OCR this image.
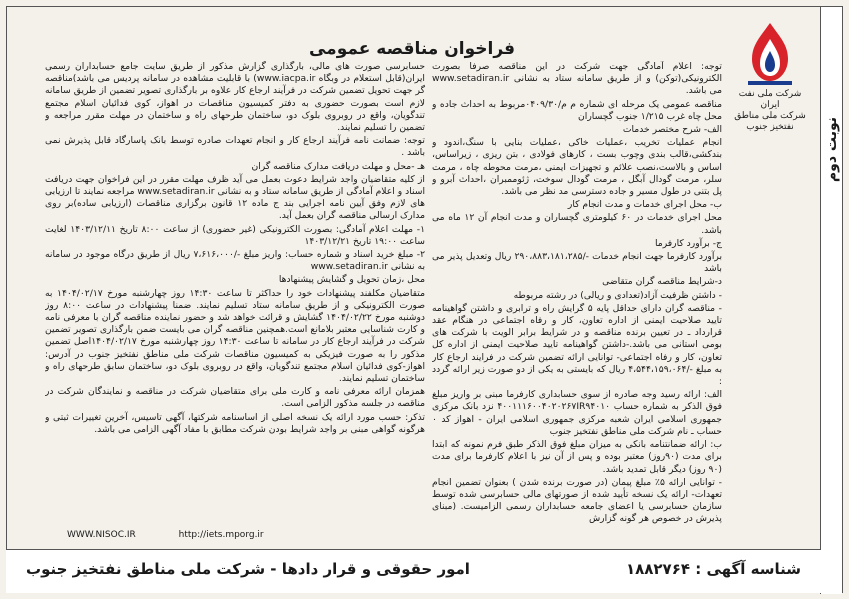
نوبت دوم
شرکت ملی نفت ایران
شرکت ملی مناطق نفتخیز جنوب
فراخوان مناقصه عمومی

توجه: اعلام آمادگی جهت شرکت در این مناقصه صرفا بصورت الکترونیکی(توکن) و از طریق سامانه ستاد به نشانی www.setadiran.ir می باشد.

مناقصه عمومی یک مرحله ای شماره م م/۰۴۰۹/۳۰مربوط به احداث جاده و محل چاه غرب ۱/۲۱۵ جنوب گچساران

الف- شرح مختصر خدمات

انجام عملیات تخریب ،عملیات خاکی ،عملیات بنایی با سنگ،اندود و بندکشی،قالب بندی وچوب بست ، کارهای فولادی ، بتن ریزی ، زیراساس، اساس و بالاست،نصب علائم و تجهیزات ایمنی ،مرمت محوطه چاه ، مرمت سلر، مرمت گودال آبگل ، مرمت گودال سوخت، ژئوممبران ،احداث آبرو و پل بتنی در طول مسیر و جاده دسترسی مد نظر می باشد.

ب- محل اجرای خدمات و مدت انجام کار

محل اجرای خدمات در ۶۰ کیلومتری گچساران و مدت انجام آن ۱۲ ماه می باشد.

ج- برآورد کارفرما

برآورد کارفرما جهت انجام خدمات -/۲۹۰،۸۸۳،۱۸۱،۲۸۵ ریال وتعدیل پذیر می باشد

د-شرایط مناقصه گران متقاضی

- داشتن ظرفیت آزاد(تعدادی و ریالی) در رشته مربوطه

- مناقصه گران دارای حداقل پایه ۵ گرایش راه و ترابری و داشتن گواهینامه تایید صلاحیت ایمنی از اداره تعاون، کار و رفاه اجتماعی در هنگام عقد قرارداد ـ در تعیین برنده مناقصه و در شرایط برابر الویت با شرکت های بومی استانی می باشد.-داشتن گواهینامه تایید صلاحیت ایمنی از اداره کل تعاون، کار و رفاه اجتماعی- توانایی ارائه تضمین شرکت در فرایند ارجاع کار به مبلغ -/۴،۵۴۴،۱۵۹،۰۶۴ ریال که بایستی به یکی از دو صورت زیر ارائه گردد :

الف: ارائه رسید وجه صادره از سوی حسابداری کارفرما مبنی بر واریز مبلغ فوق الذکر به شماره حساب ۴۰۰۱۱۱۶۰۰۴۰۲۰۲۶۷IR۹۴۰۱۰ نزد بانک مرکزی جمهوری اسلامی ایران شعبه مرکزی جمهوری اسلامی ایران - اهواز کد ۰ حساب ـ نام شرکت ملی مناطق نفتخیز جنوب

ب: ارائه ضمانتنامه بانکی به میزان مبلغ فوق الذکر طبق فرم نمونه که ابتدا برای مدت (۹۰روز) معتبر بوده و پس از آن نیز با اعلام کارفرما برای مدت (۹۰ روز) دیگر قابل تمدید باشد.

- توانایی ارائه ۵٪ مبلغ پیمان (در صورت برنده شدن ) بعنوان تضمین انجام تعهدات- ارائه یک نسخه تأیید شده از صورتهای مالی حسابرسی شده توسط سازمان حسابرسی یا اعضای جامعه حسابداران رسمی الزامیست. (مبنای پذیرش در خصوص هر گونه گزارش

حسابرسی صورت های مالی، بارگذاری گزارش مذکور از طریق سایت جامع حسابداران رسمی ایران(قابل استعلام در وبگاه www.iacpa.ir) با قابلیت مشاهده در سامانه پردیس می باشد)مناقصه گر جهت تحویل تضمین شرکت در فرآیند ارجاع کار علاوه بر بارگذاری تصویر تضمین از طریق سامانه لازم است بصورت حضوری به دفتر کمیسیون مناقصات در اهواز، کوی فدائیان اسلام مجتمع تندگویان، واقع در روبروی بلوک دو، ساختمان طرحهای راه و ساختمان در مهلت مقرر مراجعه و تضمین را تسلیم نمایند.

توجه: ضمانت نامه فرآیند ارجاع کار و انجام تعهدات صادره توسط بانک پاسارگاد قابل پذیرش نمی باشد .

هـ -محل و مهلت دریافت مدارک مناقصه گران

از کلیه متقاضیان واجد شرایط دعوت بعمل می آید ظرف مهلت مقرر در این فراخوان جهت دریافت اسناد و اعلام آمادگی از طریق سامانه ستاد و به نشانی www.setadiran.ir مراجعه نمایند تا ارزیابی های لازم وفق آیین نامه اجرایی بند ج ماده ۱۲ قانون برگزاری مناقصات (ارزیابی ساده)بر روی مدارک ارسالی مناقصه گران بعمل آید.

۱- مهلت اعلام آمادگی: بصورت الکترونیکی (غیر حضوری) از ساعت ۸:۰۰ تاریخ ۱۴۰۳/۱۲/۱۱ لغایت ساعت ۱۹:۰۰ تاریخ ۱۴۰۳/۱۲/۲۱

۲- مبلغ خرید اسناد و شماره حساب: واریز مبلغ -/۷،۶۱۶،۰۰۰ ریال از طریق درگاه موجود در سامانه به نشانی www.setadiran.ir

محل ،زمان تحویل و گشایش پیشنهادها

متقاضیان مکلفند پیشنهادات خود را حداکثر تا ساعت ۱۴:۳۰ روز چهارشنبه مورخ ۱۴۰۴/۰۲/۱۷ به صورت الکترونیکی و از طریق سامانه ستاد تسلیم نمایند. ضمنا پیشنهادات در ساعت ۸:۰۰ روز دوشنبه مورخ ۱۴۰۴/۰۲/۲۲ گشایش و قرائت خواهد شد و حضور نماینده مناقصه گران با معرفی نامه و کارت شناسایی معتبر بلامانع است.همچنین مناقصه گران می بایست ضمن بارگذاری تصویر تضمین شرکت در فرآیند ارجاع کار در سامانه تا ساعت ۱۴:۳۰ روز چهارشنبه مورخ ۱۴۰۴/۰۲/۱۷اصل تضمین مذکور را به صورت فیزیکی به کمیسیون مناقصات شرکت ملی مناطق نفتخیز جنوب در آدرس: اهواز-کوی فدائیان اسلام مجتمع تندگویان، واقع در روبروی بلوک دو، ساختمان سابق طرحهای راه و ساختمان تسلیم نمایند.

همزمان ارائه معرفی نامه و کارت ملی برای متقاضیان شرکت در مناقصه و نمایندگان شرکت در مناقصه در جلسه مذکور الزامی است.

تذکر: حسب مورد ارائه یک نسخه اصلی از اساسنامه شرکتها، آگهی تاسیس، آخرین تغییرات ثبتی و هرگونه گواهی مبنی بر واجد شرایط بودن شرکت مطابق با مفاد آگهی الزامی می باشد.

WWW.NISOC.IR	http://iets.mporg.ir
شناسه آگهی : ۱۸۸۲۷۶۴
امور حقوقی و قرار دادها - شرکت ملی مناطق نفتخیز جنوب
